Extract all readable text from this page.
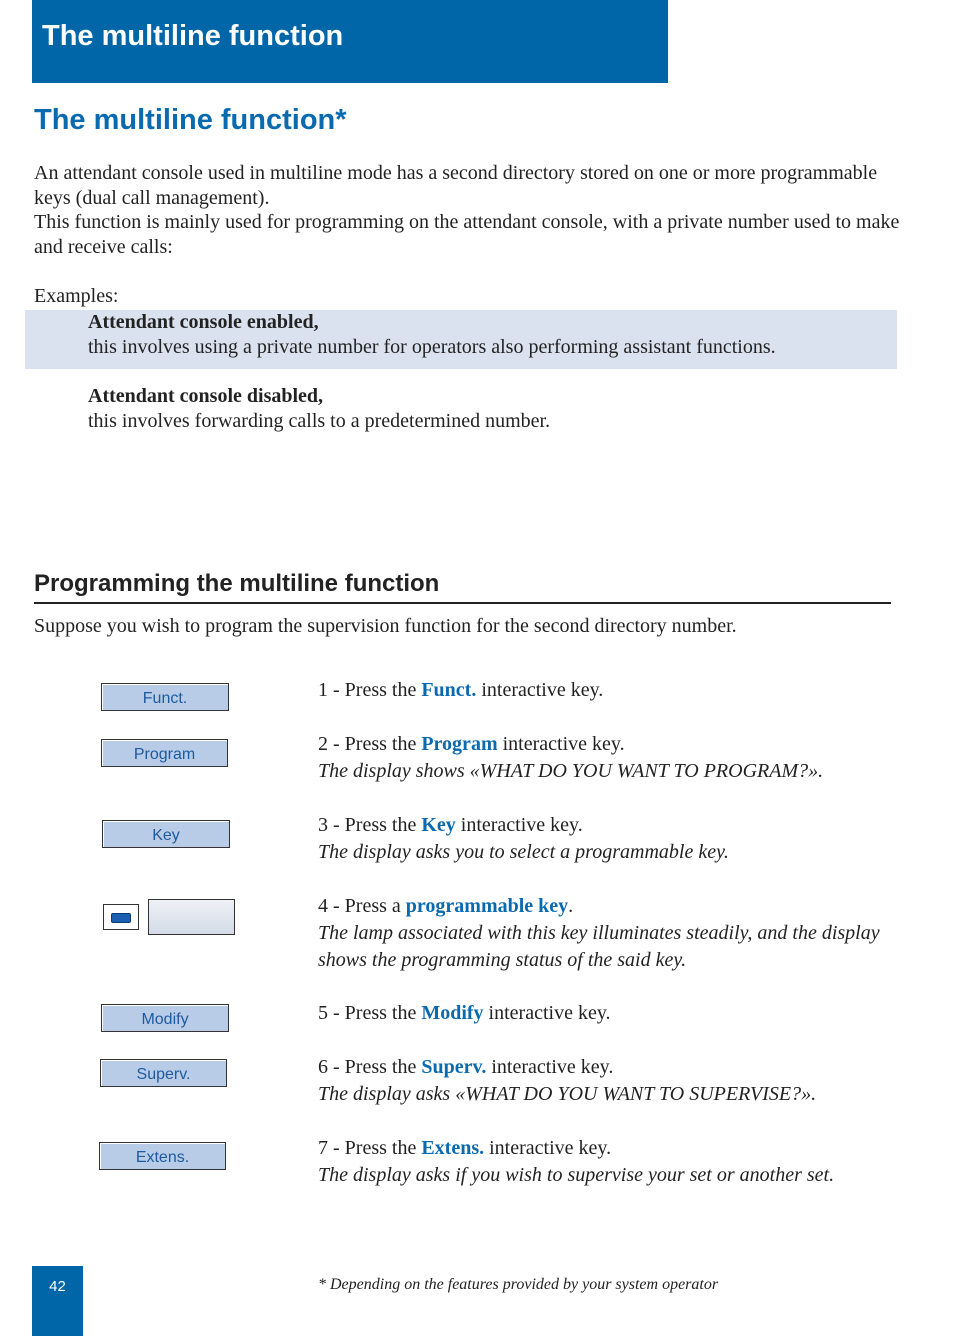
The multiline function
The multiline function*

An attendant console used in multiline mode has a second directory stored on one or more programmable keys (dual call management).

This function is mainly used for programming on the attendant console, with a private number used to make and receive calls:

Examples:
Attendant console enabled,
this involves using a private number for operators also performing assistant functions.
Attendant console disabled,
this involves forwarding calls to a predetermined number.
Programming the multiline function
Suppose you wish to program the supervision function for the second directory number.
Funct.
Program
Key
Modify
Superv.
Extens.
1 - Press the Funct. interactive key.
2 - Press the Program interactive key.
The display shows «WHAT DO YOU WANT TO PROGRAM?».
3 - Press the Key interactive key.
The display asks you to select a programmable key.
4 - Press a programmable key.
The lamp associated with this key illuminates steadily, and the display shows the programming status of the said key.
5 - Press the Modify interactive key.
6 - Press the Superv. interactive key.
The display asks «WHAT DO YOU WANT TO SUPERVISE?».
7 - Press the Extens. interactive key.
The display asks if you wish to supervise your set or another set.
42	* Depending on the features provided by your system operator
